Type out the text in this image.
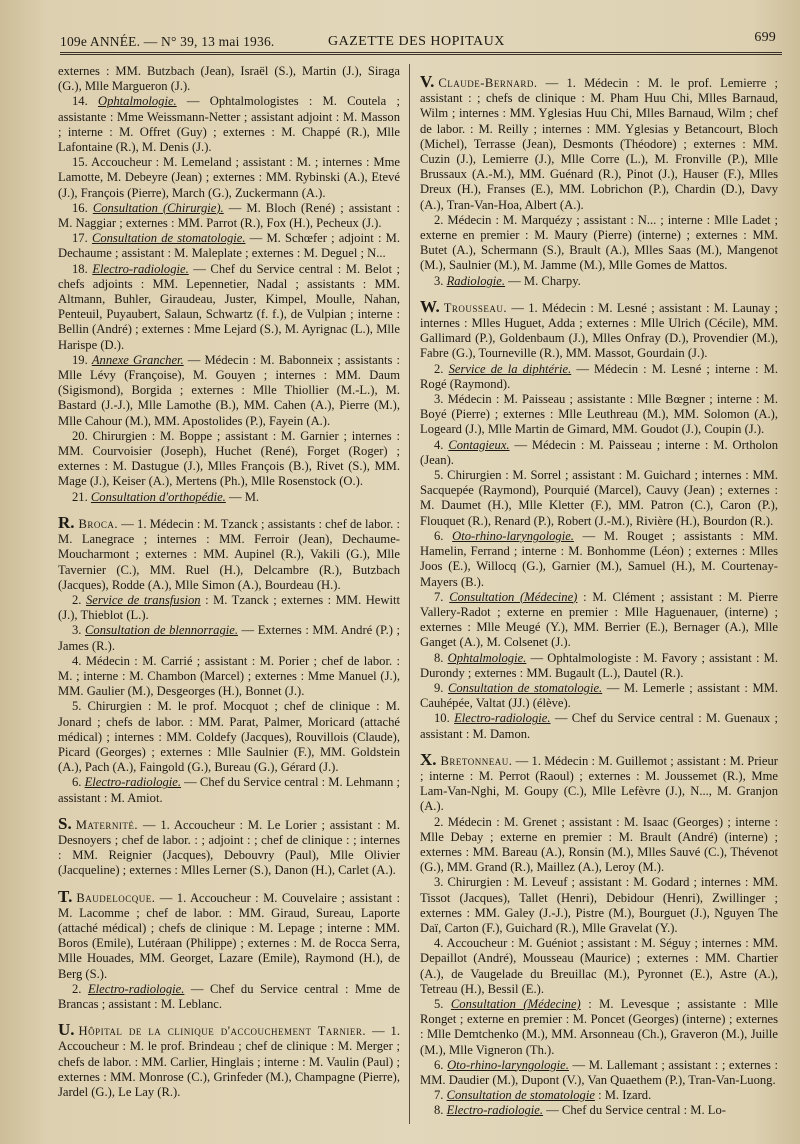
109e ANNÉE. — N° 39, 13 mai 1936.	GAZETTE DES HOPITAUX	699

externes : MM. Butzbach (Jean), Israël (S.), Martin (J.), Siraga (G.), Mlle Margueron (J.).

14. Ophtalmologie. — Ophtalmologistes : M. Coutela ; assistante : Mme Weissmann-Netter ; assistant adjoint : M. Masson ; interne : M. Offret (Guy) ; externes : M. Chappé (R.), Mlle Lafontaine (R.), M. Denis (J.).

15. Accoucheur : M. Lemeland ; assistant : M. ; internes : Mme Lamotte, M. Debeyre (Jean) ; externes : MM. Rybinski (A.), Etevé (J.), François (Pierre), March (G.), Zuckermann (A.).

16. Consultation (Chirurgie). — M. Bloch (René) ; assistant : M. Naggiar ; externes : MM. Parrot (R.), Fox (H.), Pecheux (J.).

17. Consultation de stomatologie. — M. Schœfer ; adjoint : M. Dechaume ; assistant : M. Maleplate ; externes : M. Deguel ; N...

18. Electro-radiologie. — Chef du Service central : M. Belot ; chefs adjoints : MM. Lepennetier, Nadal ; assistants : MM. Altmann, Buhler, Giraudeau, Juster, Kimpel, Moulle, Nahan, Penteuil, Puyaubert, Salaun, Schwartz (f. f.), de Vulpian ; interne : Bellin (André) ; externes : Mme Lejard (S.), M. Ayrignac (L.), Mlle Harispe (D.).

19. Annexe Grancher. — Médecin : M. Babonneix ; assistants : Mlle Lévy (Françoise), M. Gouyen ; internes : MM. Daum (Sigismond), Borgida ; externes : Mlle Thiollier (M.-L.), M. Bastard (J.-J.), Mlle Lamothe (B.), MM. Cahen (A.), Pierre (M.), Mlle Cahour (M.), MM. Apostolides (P.), Fayein (A.).

20. Chirurgien : M. Boppe ; assistant : M. Garnier ; internes : MM. Courvoisier (Joseph), Huchet (René), Forget (Roger) ; externes : M. Dastugue (J.), Mlles François (B.), Rivet (S.), MM. Mage (J.), Keiser (A.), Mertens (Ph.), Mlle Rosenstock (O.).

21. Consultation d'orthopédie. — M.

R. Broca. — 1. Médecin : M. Tzanck ; assistants : chef de labor. : M. Lanegrace ; internes : MM. Ferroir (Jean), Dechaume-Moucharmont ; externes : MM. Aupinel (R.), Vakili (G.), Mlle Tavernier (C.), MM. Ruel (H.), Delcambre (R.), Butzbach (Jacques), Rodde (A.), Mlle Simon (A.), Bourdeau (H.).

2. Service de transfusion : M. Tzanck ; externes : MM. Hewitt (J.), Thieblot (L.).

3. Consultation de blennorragie. — Externes : MM. André (P.) ; James (R.).

4. Médecin : M. Carrié ; assistant : M. Porier ; chef de labor. : M. ; interne : M. Chambon (Marcel) ; externes : Mme Manuel (J.), MM. Gaulier (M.), Desgeorges (H.), Bonnet (J.).

5. Chirurgien : M. le prof. Mocquot ; chef de clinique : M. Jonard ; chefs de labor. : MM. Parat, Palmer, Moricard (attaché médical) ; internes : MM. Coldefy (Jacques), Rouvillois (Claude), Picard (Georges) ; externes : Mlle Saulnier (F.), MM. Goldstein (A.), Pach (A.), Faingold (G.), Bureau (G.), Gérard (J.).

6. Electro-radiologie. — Chef du Service central : M. Lehmann ; assistant : M. Amiot.

S. Maternité. — 1. Accoucheur : M. Le Lorier ; assistant : M. Desnoyers ; chef de labor. : ; adjoint : ; chef de clinique : ; internes : MM. Reignier (Jacques), Debouvry (Paul), Mlle Olivier (Jacqueline) ; externes : Mlles Lerner (S.), Danon (H.), Carlet (A.).

T. Baudelocque. — 1. Accoucheur : M. Couvelaire ; assistant : M. Lacomme ; chef de labor. : MM. Giraud, Sureau, Laporte (attaché médical) ; chefs de clinique : M. Lepage ; interne : MM. Boros (Emile), Lutéraan (Philippe) ; externes : M. de Rocca Serra, Mlle Houades, MM. Georget, Lazare (Emile), Raymond (H.), de Berg (S.).

2. Electro-radiologie. — Chef du Service central : Mme de Brancas ; assistant : M. Leblanc.

U. Hôpital de la clinique d'accouchement Tarnier. — 1. Accoucheur : M. le prof. Brindeau ; chef de clinique : M. Merger ; chefs de labor. : MM. Carlier, Hinglais ; interne : M. Vaulin (Paul) ; externes : MM. Monrose (C.), Grinfeder (M.), Champagne (Pierre), Jardel (G.), Le Lay (R.).

V. Claude-Bernard. — 1. Médecin : M. le prof. Lemierre ; assistant : ; chefs de clinique : M. Pham Huu Chi, Mlles Barnaud, Wilm ; internes : MM. Yglesias Huu Chi, Mlles Barnaud, Wilm ; chef de labor. : M. Reilly ; internes : MM. Yglesias y Betancourt, Bloch (Michel), Terrasse (Jean), Desmonts (Théodore) ; externes : MM. Cuzin (J.), Lemierre (J.), Mlle Corre (L.), M. Fronville (P.), Mlle Brussaux (A.-M.), MM. Guénard (R.), Pinot (J.), Hauser (F.), Mlles Dreux (H.), Franses (E.), MM. Lobrichon (P.), Chardin (D.), Davy (A.), Tran-Van-Hoa, Albert (A.).

2. Médecin : M. Marquézy ; assistant : N... ; interne : Mlle Ladet ; externe en premier : M. Maury (Pierre) (interne) ; externes : MM. Butet (A.), Schermann (S.), Brault (A.), Mlles Saas (M.), Mangenot (M.), Saulnier (M.), M. Jamme (M.), Mlle Gomes de Mattos.

3. Radiologie. — M. Charpy.

W. Trousseau. — 1. Médecin : M. Lesné ; assistant : M. Launay ; internes : Mlles Huguet, Adda ; externes : Mlle Ulrich (Cécile), MM. Gallimard (P.), Goldenbaum (J.), Mlles Onfray (D.), Provendier (M.), Fabre (G.), Tourneville (R.), MM. Massot, Gourdain (J.).

2. Service de la diphtérie. — Médecin : M. Lesné ; interne : M. Rogé (Raymond).

3. Médecin : M. Paisseau ; assistante : Mlle Bœgner ; interne : M. Boyé (Pierre) ; externes : Mlle Leuthreau (M.), MM. Solomon (A.), Logeard (J.), Mlle Martin de Gimard, MM. Goudot (J.), Coupin (J.).

4. Contagieux. — Médecin : M. Paisseau ; interne : M. Ortholon (Jean).

5. Chirurgien : M. Sorrel ; assistant : M. Guichard ; internes : MM. Sacquepée (Raymond), Pourquié (Marcel), Cauvy (Jean) ; externes : M. Daumet (H.), Mlle Kletter (F.), MM. Patron (C.), Caron (P.), Flouquet (R.), Renard (P.), Robert (J.-M.), Rivière (H.), Bourdon (R.).

6. Oto-rhino-laryngologie. — M. Rouget ; assistants : MM. Hamelin, Ferrand ; interne : M. Bonhomme (Léon) ; externes : Mlles Joos (E.), Willocq (G.), Garnier (M.), Samuel (H.), M. Courtenay-Mayers (B.).

7. Consultation (Médecine) : M. Clément ; assistant : M. Pierre Vallery-Radot ; externe en premier : Mlle Haguenauer, (interne) ; externes : Mlle Meugé (Y.), MM. Berrier (E.), Bernager (A.), Mlle Ganget (A.), M. Colsenet (J.).

8. Ophtalmologie. — Ophtalmologiste : M. Favory ; assistant : M. Durondy ; externes : MM. Bugault (L.), Dautel (R.).

9. Consultation de stomatologie. — M. Lemerle ; assistant : MM. Cauhépée, Valtat (JJ.) (élève).

10. Electro-radiologie. — Chef du Service central : M. Guenaux ; assistant : M. Damon.

X. Bretonneau. — 1. Médecin : M. Guillemot ; assistant : M. Prieur ; interne : M. Perrot (Raoul) ; externes : M. Joussemet (R.), Mme Lam-Van-Nghi, M. Goupy (C.), Mlle Lefèvre (J.), N..., M. Granjon (A.).

2. Médecin : M. Grenet ; assistant : M. Isaac (Georges) ; interne : Mlle Debay ; externe en premier : M. Brault (André) (interne) ; externes : MM. Bareau (A.), Ronsin (M.), Mlles Sauvé (C.), Thévenot (G.), MM. Grand (R.), Maillez (A.), Leroy (M.).

3. Chirurgien : M. Leveuf ; assistant : M. Godard ; internes : MM. Tissot (Jacques), Tallet (Henri), Debidour (Henri), Zwillinger ; externes : MM. Galey (J.-J.), Pistre (M.), Bourguet (J.), Nguyen The Daï, Carton (F.), Guichard (R.), Mlle Gravelat (Y.).

4. Accoucheur : M. Guéniot ; assistant : M. Séguy ; internes : MM. Depaillot (André), Mousseau (Maurice) ; externes : MM. Chartier (A.), de Vaugelade du Breuillac (M.), Pyronnet (E.), Astre (A.), Tetreau (H.), Bessil (E.).

5. Consultation (Médecine) : M. Levesque ; assistante : Mlle Ronget ; externe en premier : M. Poncet (Georges) (interne) ; externes : Mlle Demtchenko (M.), MM. Arsonneau (Ch.), Graveron (M.), Juille (M.), Mlle Vigneron (Th.).

6. Oto-rhino-laryngologie. — M. Lallemant ; assistant : ; externes : MM. Daudier (M.), Dupont (V.), Van Quaethem (P.), Tran-Van-Luong.

7. Consultation de stomatologie : M. Izard.

8. Electro-radiologie. — Chef du Service central : M. Lo-
